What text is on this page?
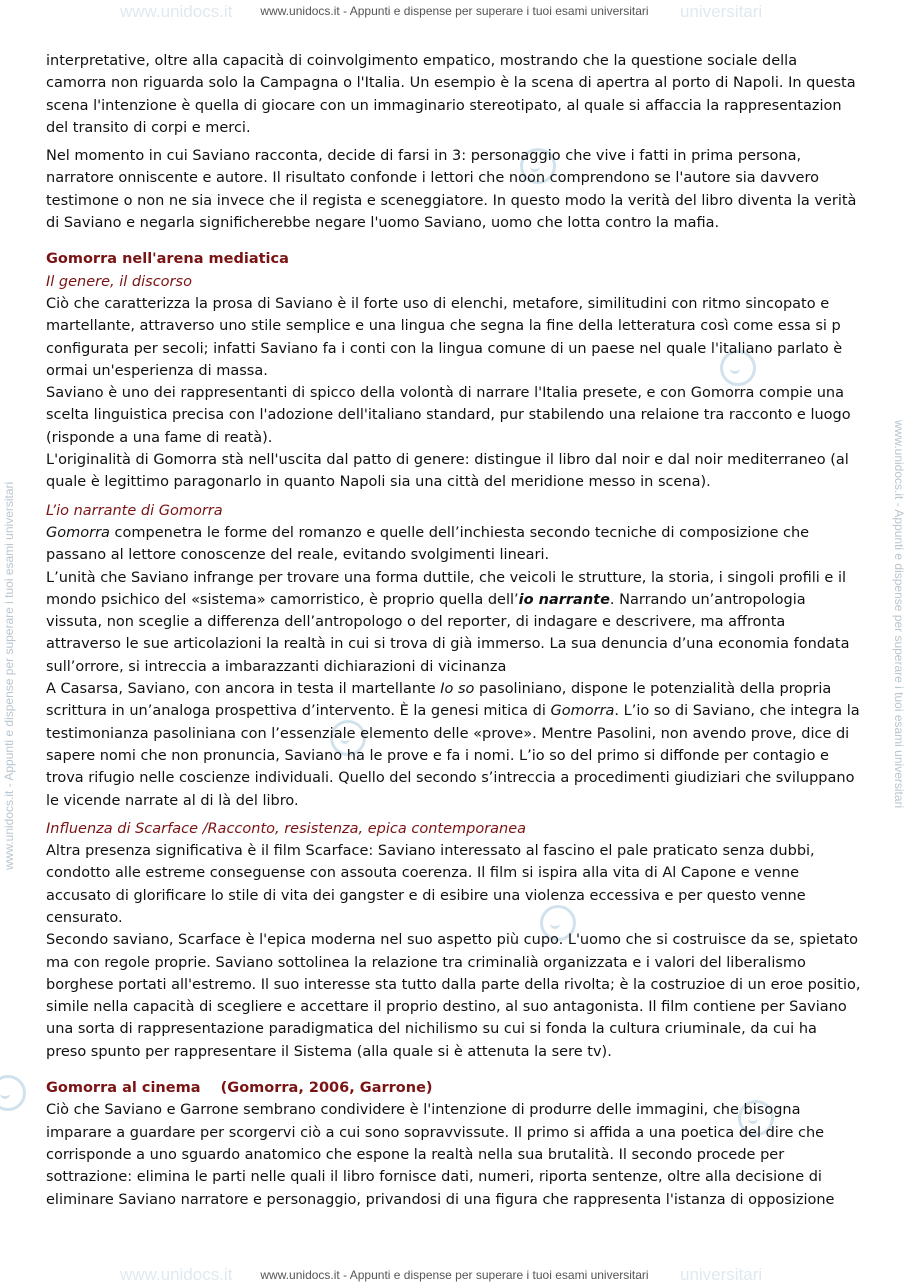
www.unidocs.it	universitari
www.unidocs.it	universitari
www.unidocs.it - Appunti e dispense per superare i tuoi esami universitari
www.unidocs.it - Appunti e dispense per superare i tuoi esami universitari
www.unidocs.it - Appunti e dispense per superare i tuoi esami universitari	www.unidocs.it - Appunti e dispense per superare i tuoi esami universitari

interpretative, oltre alla capacità di coinvolgimento empatico, mostrando che la questione sociale della camorra non riguarda solo la Campagna o l'Italia. Un esempio è la scena di apertra al porto di Napoli. In questa scena l'intenzione è quella di giocare con un immaginario stereotipato, al quale si affaccia la rappresentazion del transito di corpi e merci.

Nel momento in cui Saviano racconta, decide di farsi in 3: personaggio che vive i fatti in prima persona, narratore onniscente e autore. Il risultato confonde i lettori che noon comprendono se l'autore sia davvero testimone o non ne sia invece che il regista e sceneggiatore. In questo modo la verità del libro diventa la verità di Saviano e negarla significherebbe negare l'uomo Saviano, uomo che lotta contro la mafia.

Gomorra nell'arena mediatica
Il genere, il discorso

Ciò che caratterizza la prosa di Saviano è il forte uso di elenchi, metafore, similitudini con ritmo sincopato e martellante, attraverso uno stile semplice e una lingua che segna la fine della letteratura così come essa si p configurata per secoli; infatti Saviano fa i conti con la lingua comune di un paese nel quale l'italiano parlato è ormai un'esperienza di massa.

Saviano è uno dei rappresentanti di spicco della volontà di narrare l'Italia presete, e con Gomorra compie una scelta linguistica precisa con l'adozione dell'italiano standard, pur stabilendo una relaione tra racconto e luogo (risponde a una fame di reatà).

L'originalità di Gomorra stà nell'uscita dal patto di genere: distingue il libro dal noir e dal noir mediterraneo (al quale è legittimo paragonarlo in quanto Napoli sia una città del meridione messo in scena).

L’io narrante di Gomorra

Gomorra compenetra le forme del romanzo e quelle dell’inchiesta secondo tecniche di composizione che passano al lettore conoscenze del reale, evitando svolgimenti lineari.

L’unità che Saviano infrange per trovare una forma duttile, che veicoli le strutture, la storia, i singoli profili e il mondo psichico del «sistema» camorristico, è proprio quella dell’io narrante. Narrando un’antropologia vissuta, non sceglie a differenza dell’antropologo o del reporter, di indagare e descrivere, ma affronta attraverso le sue articolazioni la realtà in cui si trova di già immerso. La sua denuncia d’una economia fondata sull’orrore, si intreccia a imbarazzanti dichiarazioni di vicinanza

A Casarsa, Saviano, con ancora in testa il martellante Io so pasoliniano, dispone le potenzialità della propria scrittura in un’analoga prospettiva d’intervento. È la genesi mitica di Gomorra. L’io so di Saviano, che integra la testimonianza pasoliniana con l’essenziale elemento delle «prove». Mentre Pasolini, non avendo prove, dice di sapere nomi che non pronuncia, Saviano ha le prove e fa i nomi. L’io so del primo si diffonde per contagio e trova rifugio nelle coscienze individuali. Quello del secondo s’intreccia a procedimenti giudiziari che sviluppano le vicende narrate al di là del libro.

Influenza di Scarface /Racconto, resistenza, epica contemporanea

Altra presenza significativa è il film Scarface: Saviano interessato al fascino el pale praticato senza dubbi, condotto alle estreme conseguense con assouta coerenza. Il film si ispira alla vita di Al Capone e venne accusato di glorificare lo stile di vita dei gangster e di esibire una violenza eccessiva e per questo venne censurato.

Secondo saviano, Scarface è l'epica moderna nel suo aspetto più cupo. L'uomo che si costruisce da se, spietato ma con regole proprie. Saviano sottolinea la relazione tra criminalià organizzata e i valori del liberalismo borghese portati all'estremo. Il suo interesse sta tutto dalla parte della rivolta; è la costruzioe di un eroe positio, simile nella capacità di scegliere e accettare il proprio destino, al suo antagonista. Il film contiene per Saviano una sorta di rappresentazione paradigmatica del nichilismo su cui si fonda la cultura criuminale, da cui ha preso spunto per rappresentare il Sistema (alla quale si è attenuta la sere tv).

Gomorra al cinema    (Gomorra, 2006, Garrone)

Ciò che Saviano e Garrone sembrano condividere è l'intenzione di produrre delle immagini, che bisogna imparare a guardare per scorgervi ciò a cui sono sopravvissute. Il primo si affida a una poetica del dire che corrisponde a uno sguardo anatomico che espone la realtà nella sua brutalità. Il secondo procede per sottrazione: elimina le parti nelle quali il libro fornisce dati, numeri, riporta sentenze, oltre alla decisione di eliminare Saviano narratore e personaggio, privandosi di una figura che rappresenta l'istanza di opposizione
